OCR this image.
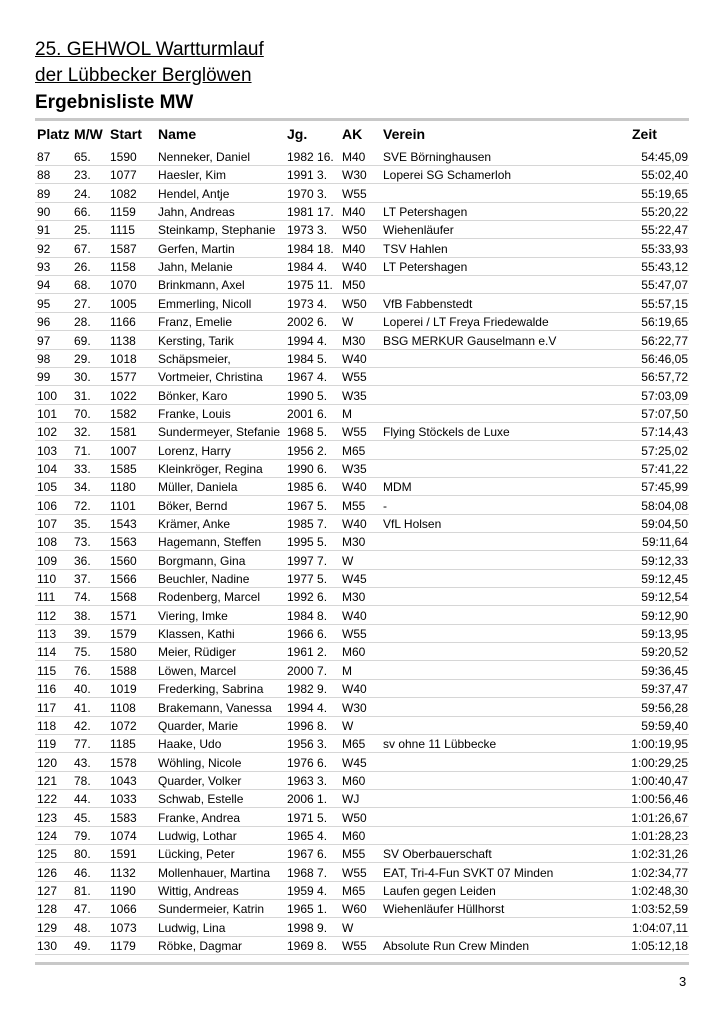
25. GEHWOL Wartturmlauf
der Lübbecker Berglöwen
Ergebnisliste MW
Platz M/W Start Name	Jg. AK Verein	Zeit
87 65. 1590 Nenneker, Daniel	1982 16. M40 SVE Börninghausen	54:45,09
88 23. 1077 Haesler, Kim	1991 3. W30 Loperei SG Schamerloh	55:02,40
89 24. 1082 Hendel, Antje	1970 3. W55	55:19,65
90 66. 1159 Jahn, Andreas	1981 17. M40 LT Petershagen	55:20,22
91 25. 1115 Steinkamp, Stephanie 1973 3. W50 Wiehenläufer	55:22,47
92 67. 1587 Gerfen, Martin	1984 18. M40 TSV Hahlen	55:33,93
93 26. 1158 Jahn, Melanie	1984 4. W40 LT Petershagen	55:43,12
94 68. 1070 Brinkmann, Axel	1975 11. M50	55:47,07
95 27. 1005 Emmerling, Nicoll	1973 4. W50 VfB Fabbenstedt	55:57,15
96 28. 1166 Franz, Emelie	2002 6. W Loperei / LT Freya Friedewalde	56:19,65
97 69. 1138 Kersting, Tarik	1994 4. M30 BSG MERKUR Gauselmann e.V	56:22,77
98 29. 1018 Schäpsmeier,	1984 5. W40	56:46,05
99 30. 1577 Vortmeier, Christina 1967 4. W55	56:57,72
100 31. 1022 Bönker, Karo	1990 5. W35	57:03,09
101 70. 1582 Franke, Louis	2001 6. M	57:07,50
102 32. 1581 Sundermeyer, Stefanie 1968 5. W55 Flying Stöckels de Luxe	57:14,43
103 71. 1007 Lorenz, Harry	1956 2. M65	57:25,02
104 33. 1585 Kleinkröger, Regina 1990 6. W35	57:41,22
105 34. 1180 Müller, Daniela	1985 6. W40 MDM	57:45,99
106 72. 1101 Böker, Bernd	1967 5. M55 -	58:04,08
107 35. 1543 Krämer, Anke	1985 7. W40 VfL Holsen	59:04,50
108 73. 1563 Hagemann, Steffen 1995 5. M30	59:11,64
109 36. 1560 Borgmann, Gina	1997 7. W	59:12,33
110 37. 1566 Beuchler, Nadine	1977 5. W45	59:12,45
111 74. 1568 Rodenberg, Marcel 1992 6. M30	59:12,54
112 38. 1571 Viering, Imke	1984 8. W40	59:12,90
113 39. 1579 Klassen, Kathi	1966 6. W55	59:13,95
114 75. 1580 Meier, Rüdiger	1961 2. M60	59:20,52
115 76. 1588 Löwen, Marcel	2000 7. M	59:36,45
116 40. 1019 Frederking, Sabrina 1982 9. W40	59:37,47
117 41. 1108 Brakemann, Vanessa 1994 4. W30	59:56,28
118 42. 1072 Quarder, Marie	1996 8. W	59:59,40
119 77. 1185 Haake, Udo	1956 3. M65 sv ohne 11 Lübbecke	1:00:19,95
120 43. 1578 Wöhling, Nicole	1976 6. W45	1:00:29,25
121 78. 1043 Quarder, Volker	1963 3. M60	1:00:40,47
122 44. 1033 Schwab, Estelle	2006 1. WJ	1:00:56,46
123 45. 1583 Franke, Andrea	1971 5. W50	1:01:26,67
124 79. 1074 Ludwig, Lothar	1965 4. M60	1:01:28,23
125 80. 1591 Lücking, Peter	1967 6. M55 SV Oberbauerschaft	1:02:31,26
126 46. 1132 Mollenhauer, Martina 1968 7. W55 EAT, Tri-4-Fun SVKT 07 Minden	1:02:34,77
127 81. 1190 Wittig, Andreas	1959 4. M65 Laufen gegen Leiden	1:02:48,30
128 47. 1066 Sundermeier, Katrin 1965 1. W60 Wiehenläufer Hüllhorst	1:03:52,59
129 48. 1073 Ludwig, Lina	1998 9. W	1:04:07,11
130 49. 1179 Röbke, Dagmar	1969 8. W55 Absolute Run Crew Minden	1:05:12,18
3
